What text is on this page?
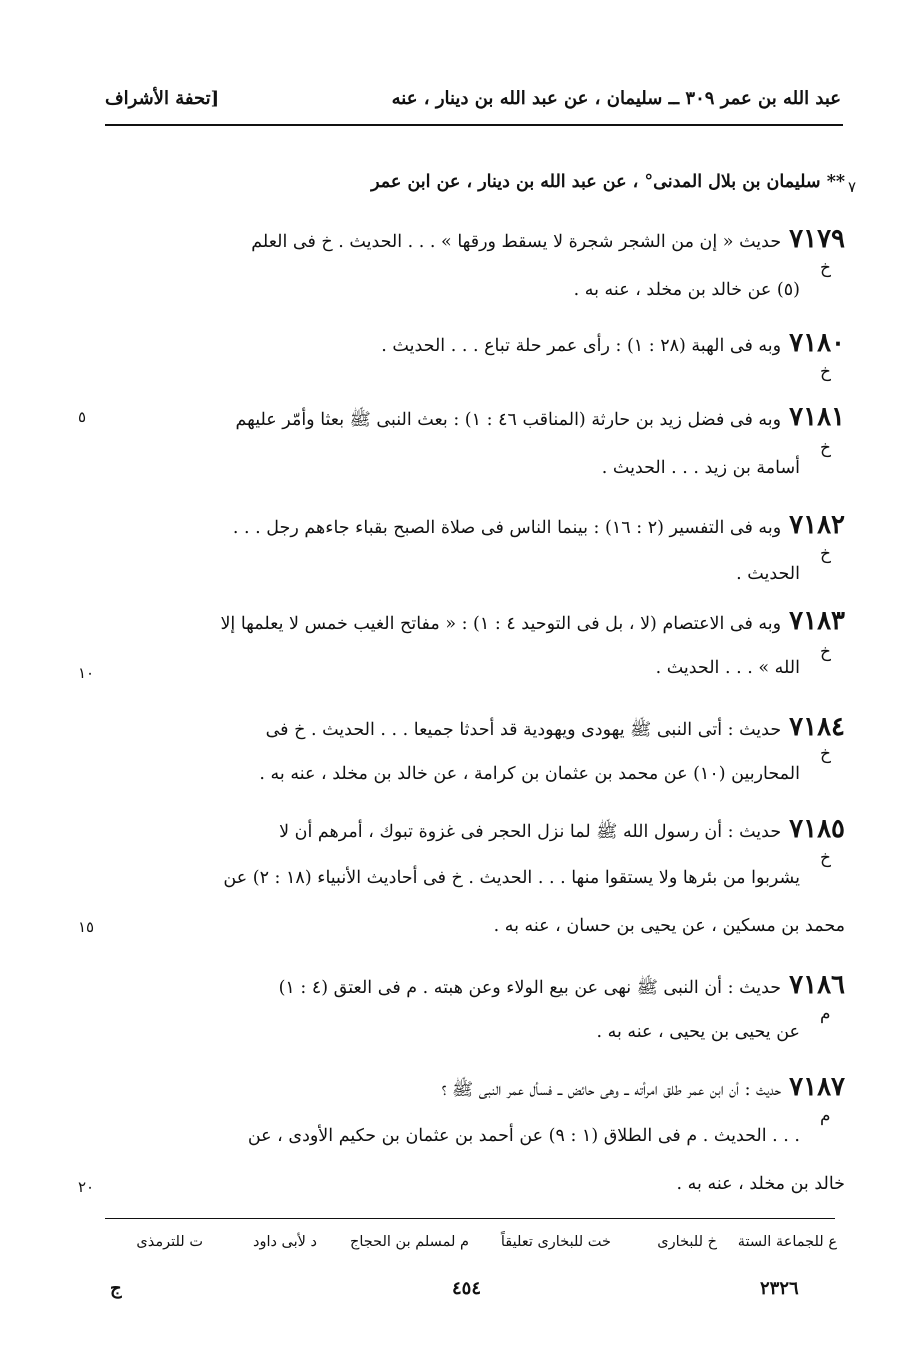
عبد الله بن عمر ٣٠٩ ــ سليمان ، عن عبد الله بن دينار ، عنه
[تحفة الأشراف
٧
** سليمان بن بلال المدنى° ، عن عبد الله بن دينار ، عن ابن عمر
٧١٧٩حديث « إن من الشجر شجرة لا يسقط ورقها » . . . الحديث . خ فى العلم
خ
(٥) عن خالد بن مخلد ، عنه به .
٧١٨٠وبه فى الهبة (٢٨ : ١) : رأى عمر حلة تباع . . . الحديث .
خ
٧١٨١وبه فى فضل زيد بن حارثة (المناقب ٤٦ : ١) : بعث النبى ﷺ بعثا وأمّر عليهم
خ
٥
أسامة بن زيد . . . الحديث .
٧١٨٢وبه فى التفسير (٢ : ١٦) : بينما الناس فى صلاة الصبح بقباء جاءهم رجل . . .
خ
الحديث .
٧١٨٣وبه فى الاعتصام (لا ، بل فى التوحيد ٤ : ١) : « مفاتح الغيب خمس لا يعلمها إلا
خ
١٠	الله » . . . الحديث .
٧١٨٤حديث : أتى النبى ﷺ يهودى ويهودية قد أحدثا جميعا . . . الحديث . خ فى
خ
المحاربين (١٠) عن محمد بن عثمان بن كرامة ، عن خالد بن مخلد ، عنه به .
٧١٨٥حديث : أن رسول الله ﷺ لما نزل الحجر فى غزوة تبوك ، أمرهم أن لا
خ
يشربوا من بئرها ولا يستقوا منها . . . الحديث . خ فى أحاديث الأنبياء (١٨ : ٢) عن
محمد بن مسكين ، عن يحيى بن حسان ، عنه به .
١٥
٧١٨٦حديث : أن النبى ﷺ نهى عن بيع الولاء وعن هبته . م فى العتق (٤ : ١)
م
عن يحيى بن يحيى ، عنه به .
٧١٨٧حديث : أن ابن عمر طلق امرأته ــ وهى حائض ــ فسأل عمر النبى ﷺ ؟
م
. . . الحديث . م فى الطلاق (١ : ٩) عن أحمد بن عثمان بن حكيم الأودى ، عن
خالد بن مخلد ، عنه به .
٢٠
ع للجماعة الستة
خ للبخارى
خت للبخارى تعليقاً
م لمسلم بن الحجاج
د لأبى داود
ت للترمذى
٢٣٢٦
٤٥٤
ج
